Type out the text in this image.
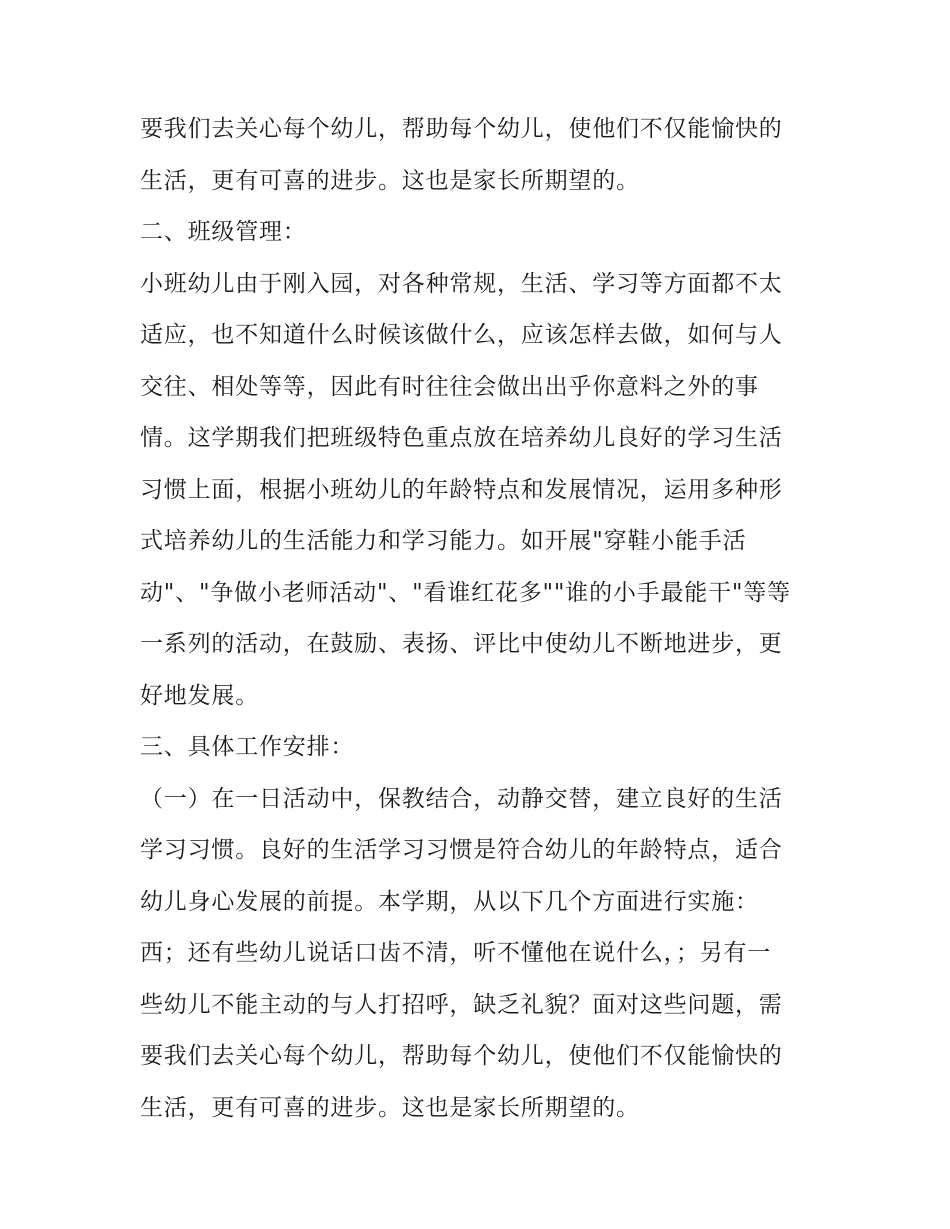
要我们去关心每个幼儿，帮助每个幼儿，使他们不仅能愉快的
生活，更有可喜的进步。这也是家长所期望的。
二、班级管理：
小班幼儿由于刚入园，对各种常规，生活、学习等方面都不太
适应，也不知道什么时候该做什么，应该怎样去做，如何与人
交往、相处等等，因此有时往往会做出出乎你意料之外的事
情。这学期我们把班级特色重点放在培养幼儿良好的学习生活
习惯上面，根据小班幼儿的年龄特点和发展情况，运用多种形
式培养幼儿的生活能力和学习能力。如开展"穿鞋小能手活
动"、"争做小老师活动"、"看谁红花多""谁的小手最能干"等等
一系列的活动，在鼓励、表扬、评比中使幼儿不断地进步，更
好地发展。
三、具体工作安排：
（一）在一日活动中，保教结合，动静交替，建立良好的生活
学习习惯。良好的生活学习习惯是符合幼儿的年龄特点，适合
幼儿身心发展的前提。本学期，从以下几个方面进行实施：
西；还有些幼儿说话口齿不清，听不懂他在说什么，；另有一
些幼儿不能主动的与人打招呼，缺乏礼貌？面对这些问题，需
要我们去关心每个幼儿，帮助每个幼儿，使他们不仅能愉快的
生活，更有可喜的进步。这也是家长所期望的。
